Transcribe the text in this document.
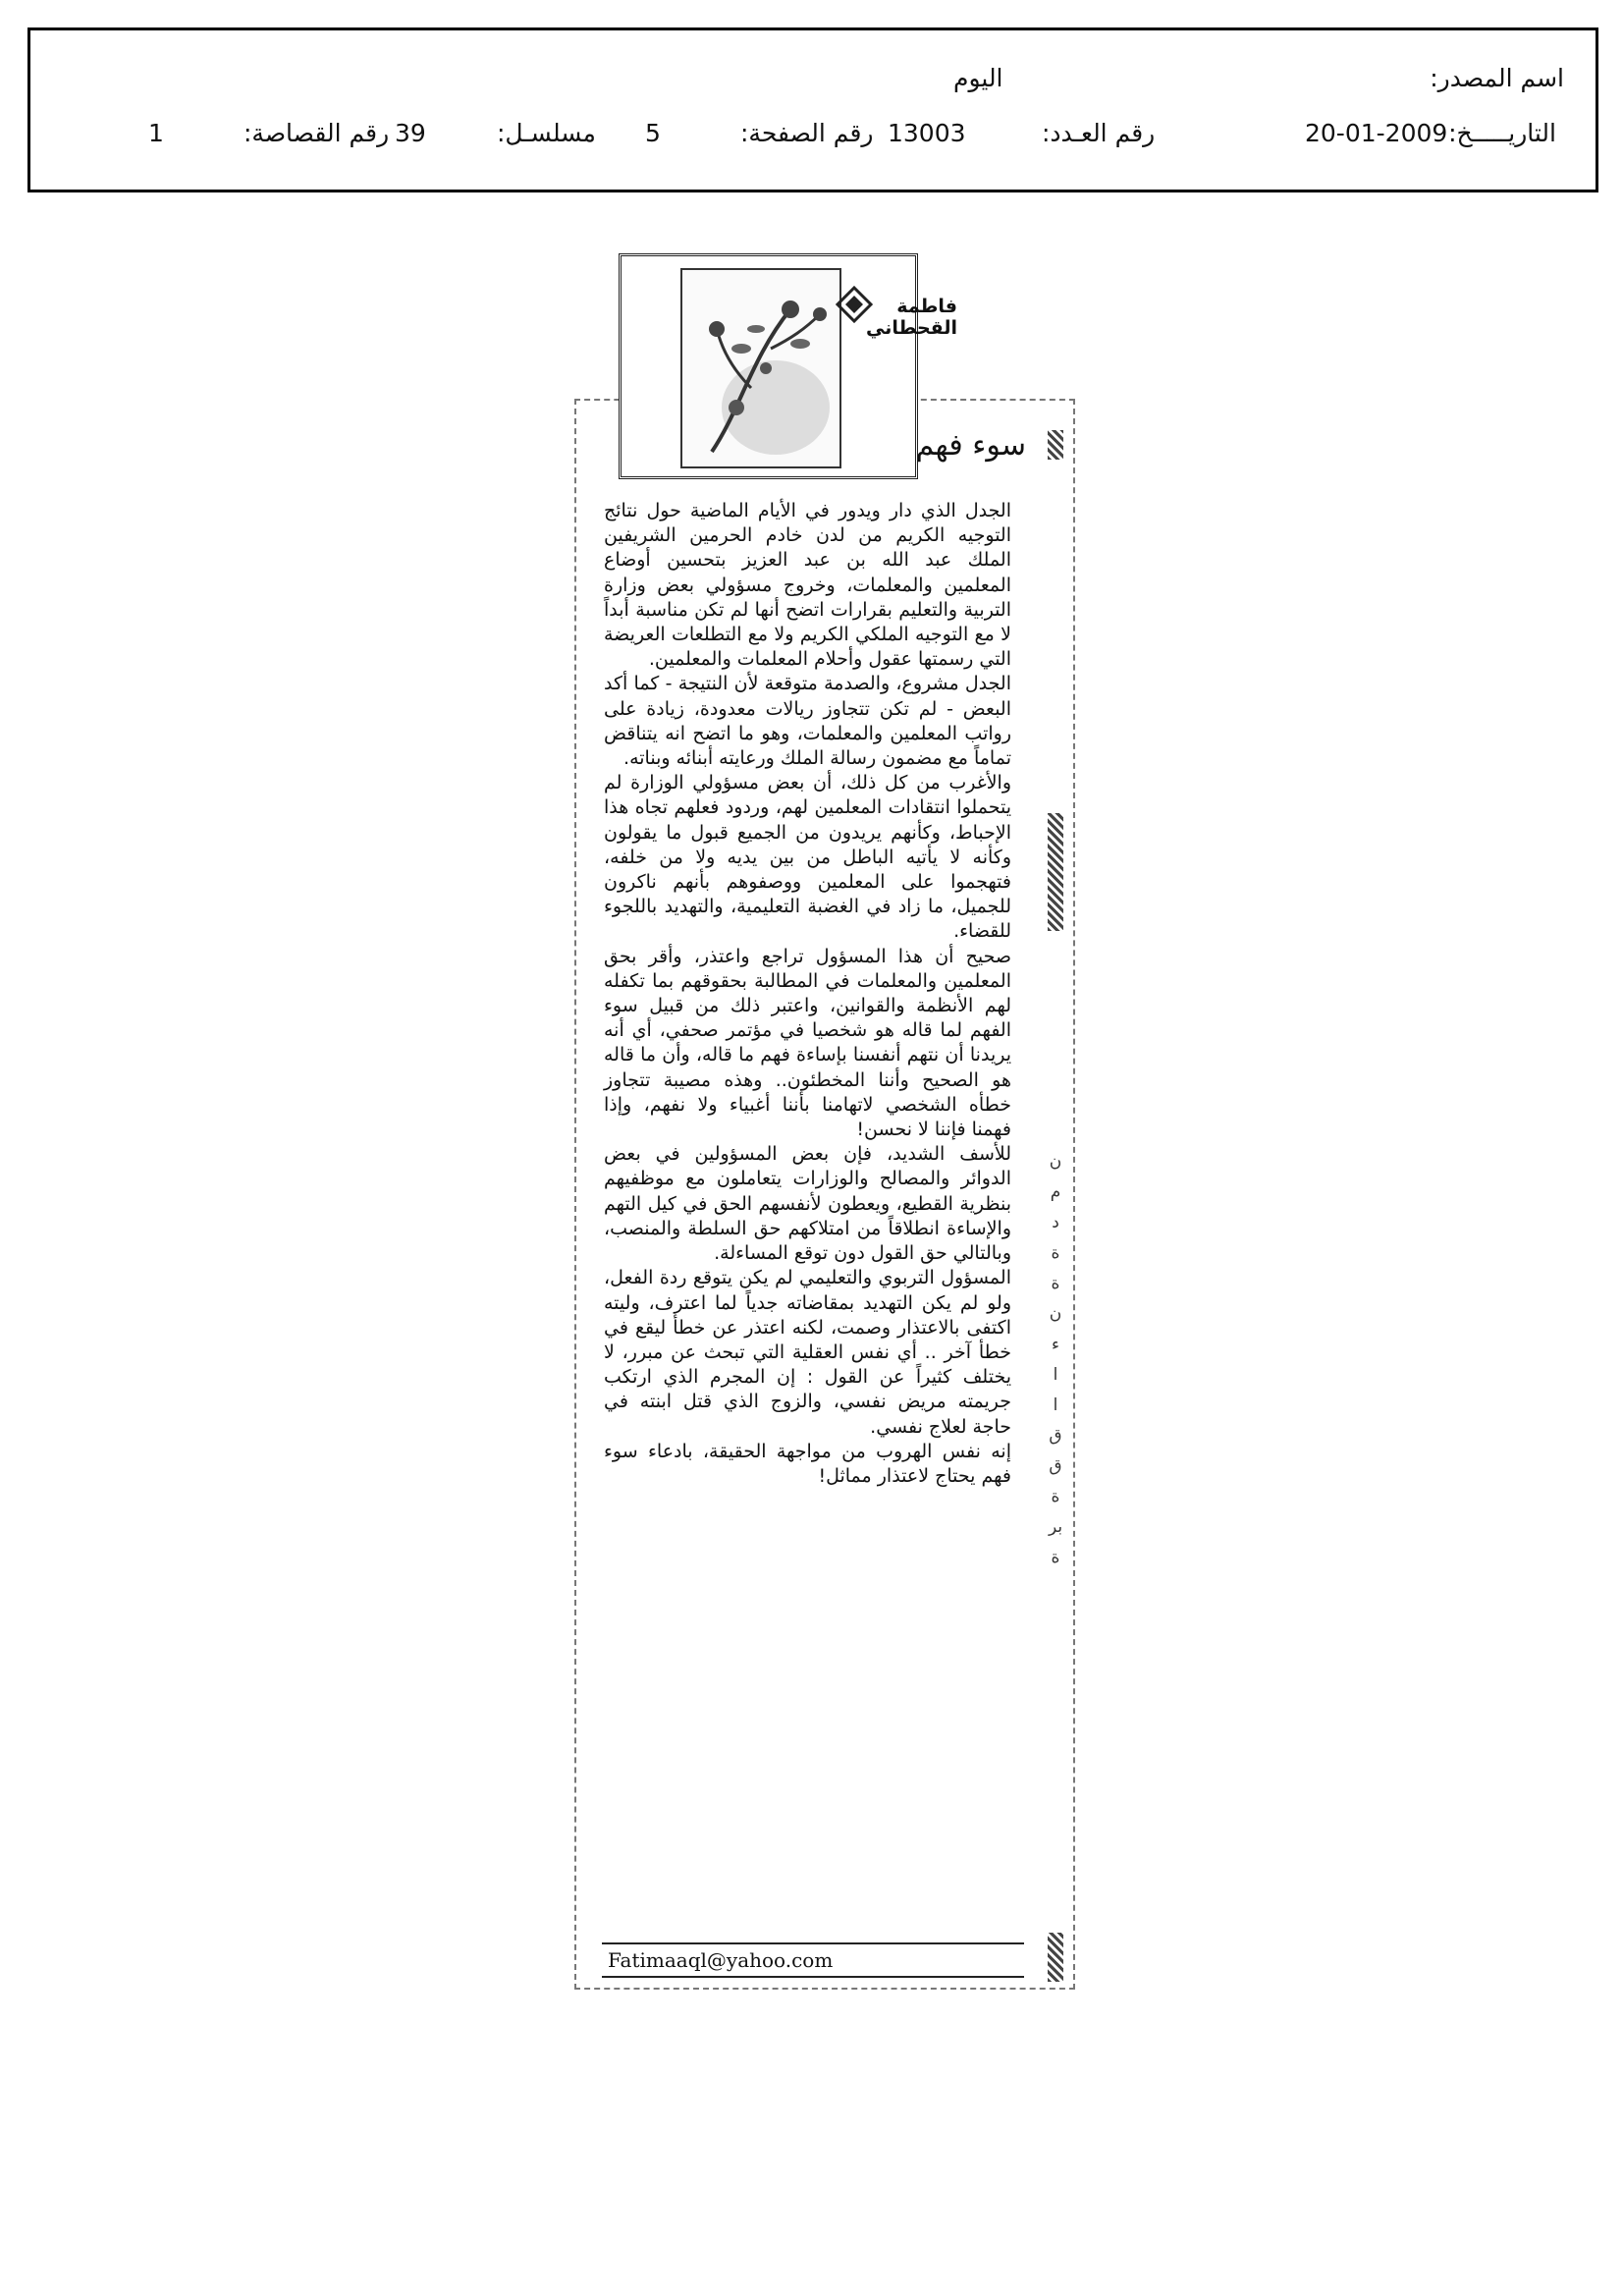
اسم المصدر:
اليوم
التاريـــــخ:
20-01-2009
رقم العـدد:
13003
رقم الصفحة:
5
مسلسـل:
39
رقم القصاصة:
1
فاطمة القحطاني
سوء فهم

الجدل الذي دار ويدور في الأيام الماضية حول نتائج التوجيه الكريم من لدن خادم الحرمين الشريفين الملك عبد الله بن عبد العزيز بتحسين أوضاع المعلمين والمعلمات، وخروج مسؤولي بعض وزارة التربية والتعليم بقرارات اتضح أنها لم تكن مناسبة أبداً لا مع التوجيه الملكي الكريم ولا مع التطلعات العريضة التي رسمتها عقول وأحلام المعلمات والمعلمين.

الجدل مشروع، والصدمة متوقعة لأن النتيجة - كما أكد البعض - لم تكن تتجاوز ريالات معدودة، زيادة على رواتب المعلمين والمعلمات، وهو ما اتضح انه يتناقض تماماً مع مضمون رسالة الملك ورعايته أبنائه وبناته.

والأغرب من كل ذلك، أن بعض مسؤولي الوزارة لم يتحملوا انتقادات المعلمين لهم، وردود فعلهم تجاه هذا الإحباط، وكأنهم يريدون من الجميع قبول ما يقولون وكأنه لا يأتيه الباطل من بين يديه ولا من خلفه، فتهجموا على المعلمين ووصفوهم بأنهم ناكرون للجميل، ما زاد في الغضبة التعليمية، والتهديد باللجوء للقضاء.

صحيح أن هذا المسؤول تراجع واعتذر، وأقر بحق المعلمين والمعلمات في المطالبة بحقوقهم بما تكفله لهم الأنظمة والقوانين، واعتبر ذلك من قبيل سوء الفهم لما قاله هو شخصيا في مؤتمر صحفي، أي أنه يريدنا أن نتهم أنفسنا بإساءة فهم ما قاله، وأن ما قاله هو الصحيح وأننا المخطئون.. وهذه مصيبة تتجاوز خطأه الشخصي لاتهامنا بأننا أغبياء ولا نفهم، وإذا فهمنا فإننا لا نحسن!

للأسف الشديد، فإن بعض المسؤولين في بعض الدوائر والمصالح والوزارات يتعاملون مع موظفيهم بنظرية القطيع، ويعطون لأنفسهم الحق في كيل التهم والإساءة انطلاقاً من امتلاكهم حق السلطة والمنصب، وبالتالي حق القول دون توقع المساءلة.

المسؤول التربوي والتعليمي لم يكن يتوقع ردة الفعل، ولو لم يكن التهديد بمقاضاته جدياً لما اعترف، وليته اكتفى بالاعتذار وصمت، لكنه اعتذر عن خطأ ليقع في خطأ آخر .. أي نفس العقلية التي تبحث عن مبرر، لا يختلف كثيراً عن القول : إن المجرم الذي ارتكب جريمته مريض نفسي، والزوج الذي قتل ابنته في حاجة لعلاج نفسي.

إنه نفس الهروب من مواجهة الحقيقة، بادعاء سوء فهم يحتاج لاعتذار مماثل!

Fatimaaql@yahoo.com
ن
م
د
ة
ة
ن
ء
ا
ا
ق
ق
ة
بر
ة
